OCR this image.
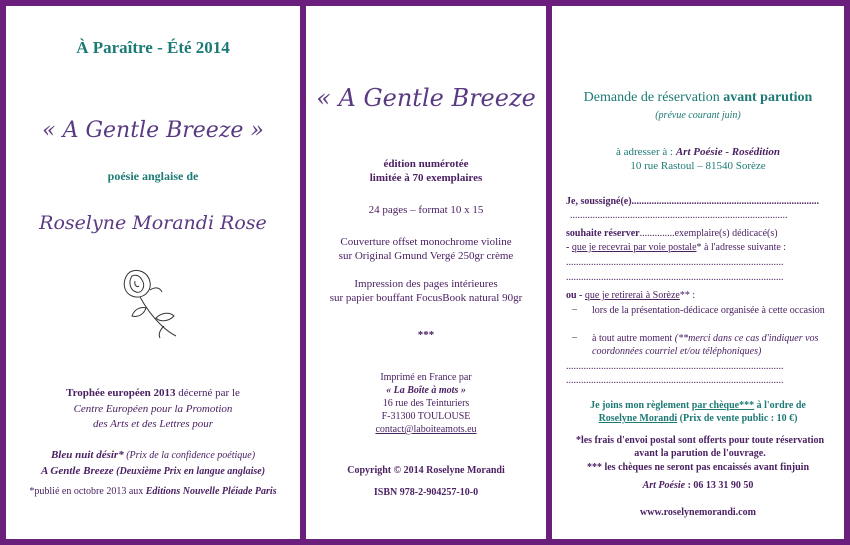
À Paraître - Été 2014
« A Gentle Breeze »
poésie anglaise de
Roselyne Morandi Rose
Trophée européen 2013 décerné par le
Centre Européen pour la Promotion
des Arts et des Lettres pour
Bleu nuit désir* (Prix de la confidence poétique)
A Gentle Breeze (Deuxième Prix en langue anglaise)
*publié en octobre 2013 aux Editions Nouvelle Pléiade Paris
« A Gentle Breeze
édition numérotée
limitée à 70 exemplaires
24 pages – format 10 x 15
Couverture offset monochrome violine
sur Original Gmund Vergé 250gr crème
Impression des pages intérieures
sur papier bouffant FocusBook natural 90gr
***
Imprimé en France par
« La Boîte à mots »
16 rue des Teinturiers
F-31300 TOULOUSE
contact@laboiteamots.eu
Copyright © 2014 Roselyne Morandi
ISBN 978-2-904257-10-0
Demande de réservation avant parution
(prévue courant juin)
à adresser à : Art Poésie - Rosédition
10 rue Rastoul – 81540 Sorèze
Je, soussigné(e)...........................................................................
.......................................................................................
souhaite réserver..............exemplaire(s) dédicacé(s)
- que je recevrai par voie postale* à l'adresse suivante :
.......................................................................................
.......................................................................................
ou - que je retirerai à Sorèze** :
– lors de la présentation-dédicace organisée à cette occasion
– à tout autre moment (**merci dans ce cas d'indiquer vos coordonnées courriel et/ou téléphoniques)
.......................................................................................
.......................................................................................
Je joins mon règlement par chèque*** à l'ordre de
Roselyne Morandi (Prix de vente public : 10 €)
*les frais d'envoi postal sont offerts pour toute réservation avant la parution de l'ouvrage.
*** les chèques ne seront pas encaissés avant finjuin
Art Poésie : 06 13 31 90 50
www.roselynemorandi.com
